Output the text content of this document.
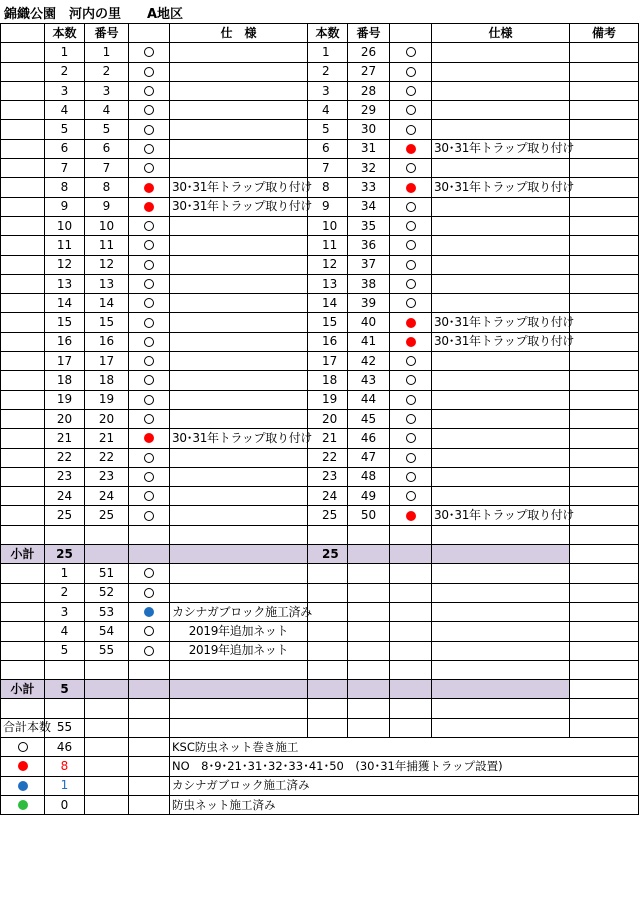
錦織公園　河内の里　　A地区
	本数	番号		仕　様	本数	番号		仕様	備考
	1	1			1	26			
	2	2			2	27			
	3	3			3	28			
	4	4			4	29			
	5	5			5	30			
	6	6			6	31		30･31年トラップ取り付け	
	7	7			7	32			
	8	8		30･31年トラップ取り付け	8	33		30･31年トラップ取り付け	
	9	9		30･31年トラップ取り付け	9	34			
	10	10			10	35			
	11	11			11	36			
	12	12			12	37			
	13	13			13	38			
	14	14			14	39			
	15	15			15	40		30･31年トラップ取り付け	
	16	16			16	41		30･31年トラップ取り付け	
	17	17			17	42			
	18	18			18	43			
	19	19			19	44			
	20	20			20	45			
	21	21		30･31年トラップ取り付け	21	46			
	22	22			22	47			
	23	23			23	48			
	24	24			24	49			
	25	25			25	50		30･31年トラップ取り付け	

小計	25				25				
	1	51							
	2	52							
	3	53		カシナガブロック施工済み					
	4	54		2019年追加ネット					
	5	55		2019年追加ネット					

小計	5								

合計本数	55								
	46			KSC防虫ネット巻き施工					
	8			NO　8･9･21･31･32･33･41･50　(30･31年捕獲トラップ設置)					
	1			カシナガブロック施工済み					
	0			防虫ネット施工済み					
